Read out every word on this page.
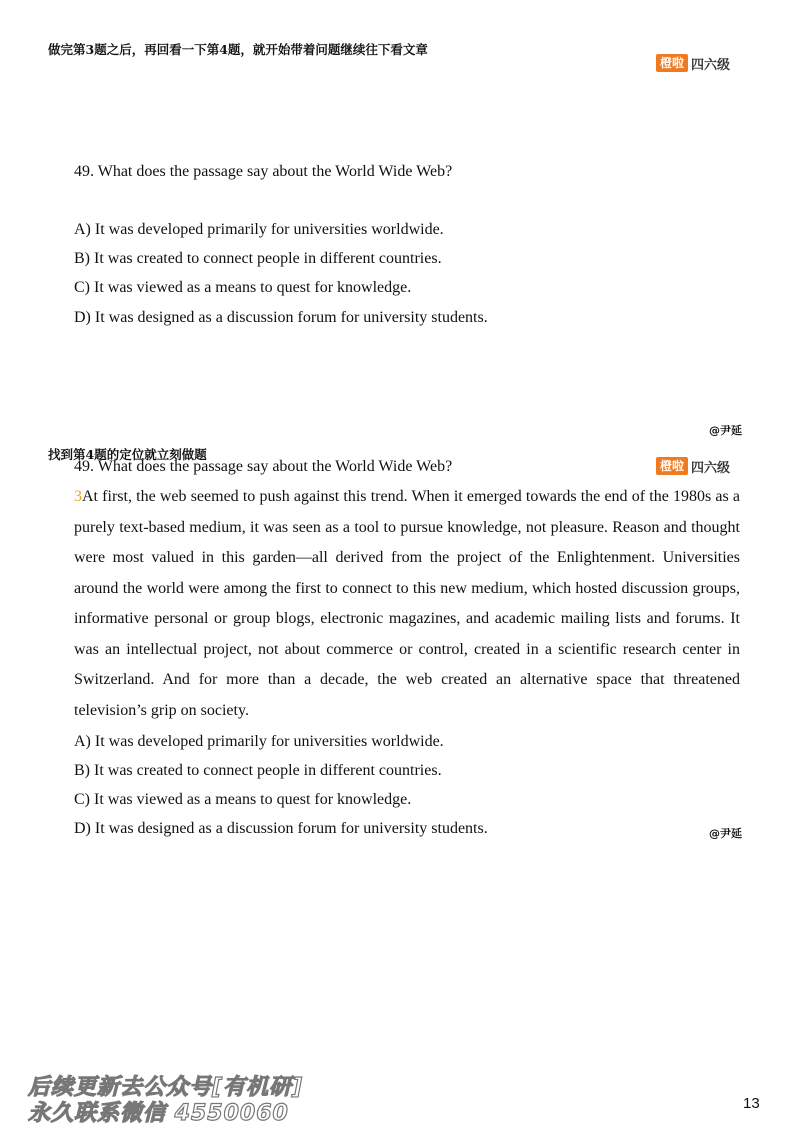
做完第3题之后，再回看一下第4题，就开始带着问题继续往下看文章
橙啦 四六级
49. What does the passage say about the World Wide Web?
A) It was developed primarily for universities worldwide.
B) It was created to connect people in different countries.
C) It was viewed as a means to quest for knowledge.
D) It was designed as a discussion forum for university students.
@尹延
找到第4题的定位就立刻做题
橙啦 四六级
49. What does the passage say about the World Wide Web?
3At first, the web seemed to push against this trend. When it emerged towards the end of the 1980s as a purely text-based medium, it was seen as a tool to pursue knowledge, not pleasure. Reason and thought were most valued in this garden—all derived from the project of the Enlightenment. Universities around the world were among the first to connect to this new medium, which hosted discussion groups, informative personal or group blogs, electronic magazines, and academic mailing lists and forums. It was an intellectual project, not about commerce or control, created in a scientific research center in Switzerland. And for more than a decade, the web created an alternative space that threatened television’s grip on society.
A) It was developed primarily for universities worldwide.
B) It was created to connect people in different countries.
C) It was viewed as a means to quest for knowledge.
D) It was designed as a discussion forum for university students.	@尹延
后续更新去公众号[有机研]
永久联系微信 4550060	13
